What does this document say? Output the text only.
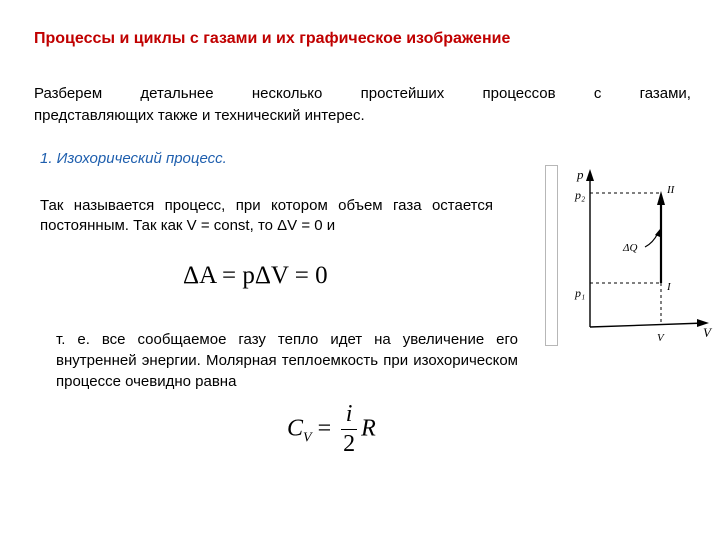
Процессы и циклы с газами и их графическое изображение
Разберем	детальнее	несколько	простейших	процессов	с	газами,
представляющих также и технический интерес.
1. Изохорический процесс.
Так называется процесс, при котором объем газа остается постоянным. Так как V = const, то ΔV = 0 и
ΔA = pΔV = 0
т. е. все сообщаемое газу тепло идет на увеличение его внутренней энергии. Молярная теплоемкость при изохорическом процессе очевидно равна
$C_V = \frac{i}{2}$ R
p
V
p₂
p₁
II
I
ΔQ
V
